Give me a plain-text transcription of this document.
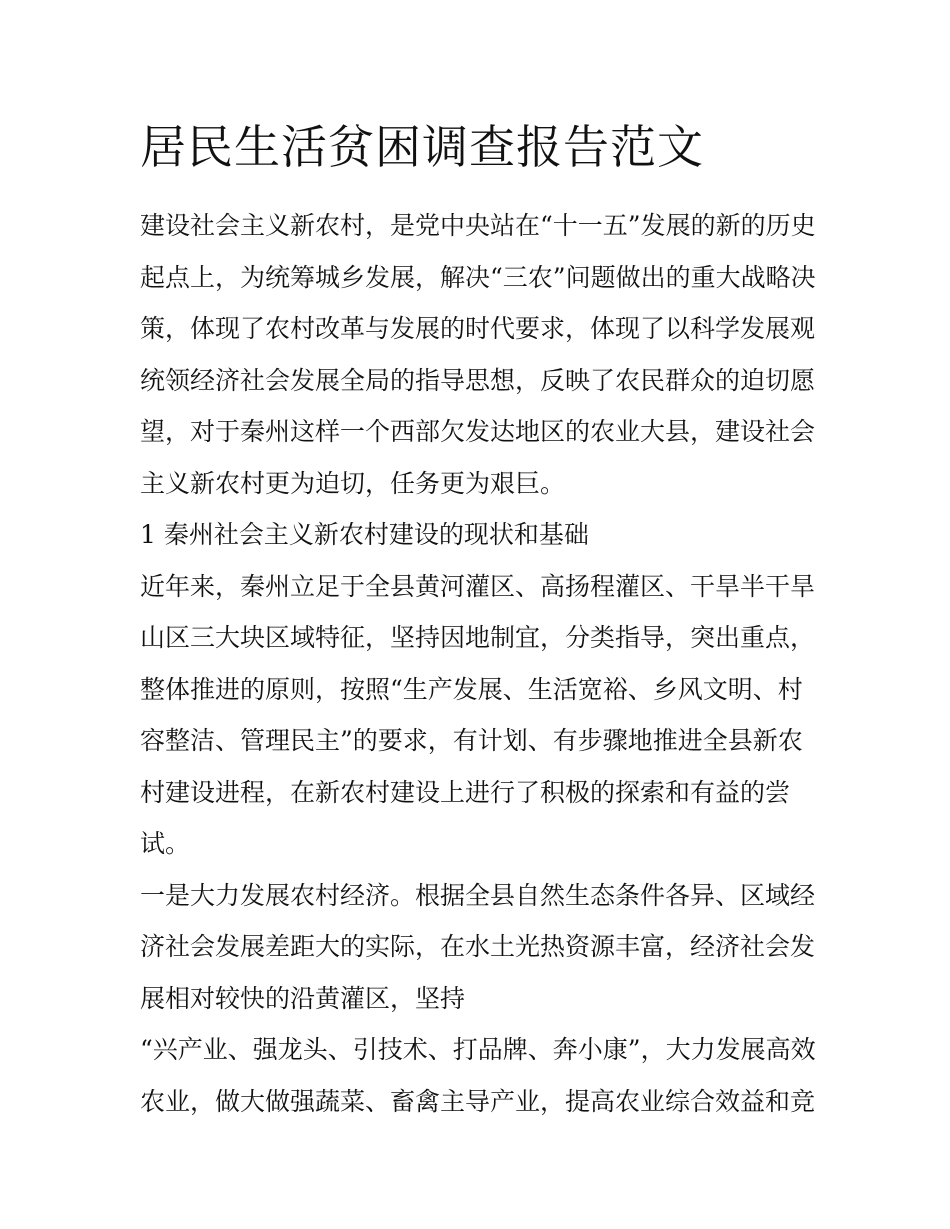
居民生活贫困调查报告范文

建设社会主义新农村，是党中央站在“十一五”发展的新的历史
起点上，为统筹城乡发展，解决“三农”问题做出的重大战略决
策，体现了农村改革与发展的时代要求，体现了以科学发展观
统领经济社会发展全局的指导思想，反映了农民群众的迫切愿
望，对于秦州这样一个西部欠发达地区的农业大县，建设社会
主义新农村更为迫切，任务更为艰巨。

1 秦州社会主义新农村建设的现状和基础

近年来，秦州立足于全县黄河灌区、高扬程灌区、干旱半干旱
山区三大块区域特征，坚持因地制宜，分类指导，突出重点，
整体推进的原则，按照“生产发展、生活宽裕、乡风文明、村
容整洁、管理民主”的要求，有计划、有步骤地推进全县新农
村建设进程，在新农村建设上进行了积极的探索和有益的尝
试。

一是大力发展农村经济。根据全县自然生态条件各异、区域经
济社会发展差距大的实际，在水土光热资源丰富，经济社会发
展相对较快的沿黄灌区，坚持

“兴产业、强龙头、引技术、打品牌、奔小康”，大力发展高效
农业，做大做强蔬菜、畜禽主导产业，提高农业综合效益和竞
